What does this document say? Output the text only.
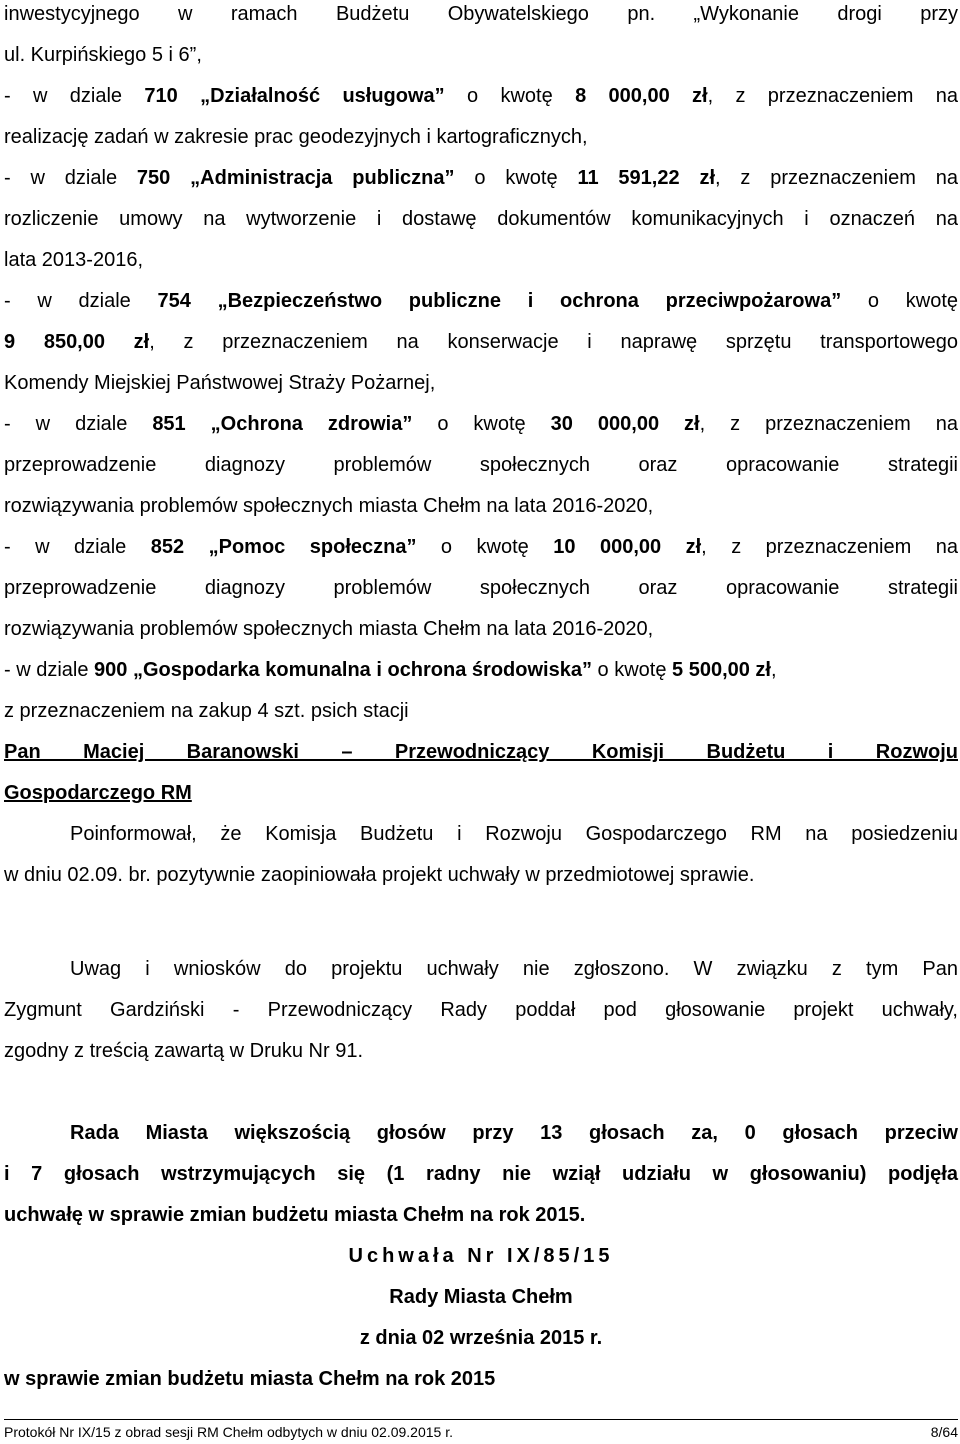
inwestycyjnego w ramach Budżetu Obywatelskiego pn. „Wykonanie drogi przy
ul. Kurpińskiego 5 i 6”,
- w dziale 710 „Działalność usługowa” o kwotę 8 000,00 zł, z przeznaczeniem na
realizację zadań w zakresie prac geodezyjnych i kartograficznych,
- w dziale 750 „Administracja publiczna” o kwotę 11 591,22 zł, z przeznaczeniem na
rozliczenie umowy na wytworzenie i dostawę dokumentów komunikacyjnych i oznaczeń na
lata 2013-2016,
- w dziale 754 „Bezpieczeństwo publiczne i ochrona przeciwpożarowa” o kwotę
9 850,00 zł, z przeznaczeniem na konserwacje i naprawę sprzętu transportowego
Komendy Miejskiej Państwowej Straży Pożarnej,
- w dziale 851 „Ochrona zdrowia” o kwotę 30 000,00 zł, z przeznaczeniem na
przeprowadzenie diagnozy problemów społecznych oraz opracowanie strategii
rozwiązywania problemów społecznych miasta Chełm na lata 2016-2020,
- w dziale 852 „Pomoc społeczna” o kwotę 10 000,00 zł, z przeznaczeniem na
przeprowadzenie diagnozy problemów społecznych oraz opracowanie strategii
rozwiązywania problemów społecznych miasta Chełm na lata 2016-2020,
- w dziale 900 „Gospodarka komunalna i ochrona środowiska” o kwotę 5 500,00 zł,
z przeznaczeniem na zakup 4 szt. psich stacji
Pan Maciej Baranowski – Przewodniczący Komisji Budżetu i Rozwoju
Gospodarczego RM
Poinformował, że Komisja Budżetu i Rozwoju Gospodarczego RM na posiedzeniu
w dniu 02.09. br. pozytywnie zaopiniowała projekt uchwały w przedmiotowej sprawie.
Uwag i wniosków do projektu uchwały nie zgłoszono. W związku z tym Pan
Zygmunt Gardziński - Przewodniczący Rady poddał pod głosowanie projekt uchwały,
zgodny z treścią zawartą w Druku Nr 91.
Rada Miasta większością głosów przy 13 głosach za, 0 głosach przeciw
i 7 głosach wstrzymujących się (1 radny nie wziął udziału w głosowaniu) podjęła
uchwałę w sprawie zmian budżetu miasta Chełm na rok 2015.
Uchwała Nr IX/85/15
Rady Miasta Chełm
z dnia 02 września 2015 r.
w sprawie zmian budżetu miasta Chełm na rok 2015
Protokół Nr IX/15 z obrad sesji RM Chełm odbytych w dniu 02.09.2015 r.	8/64
